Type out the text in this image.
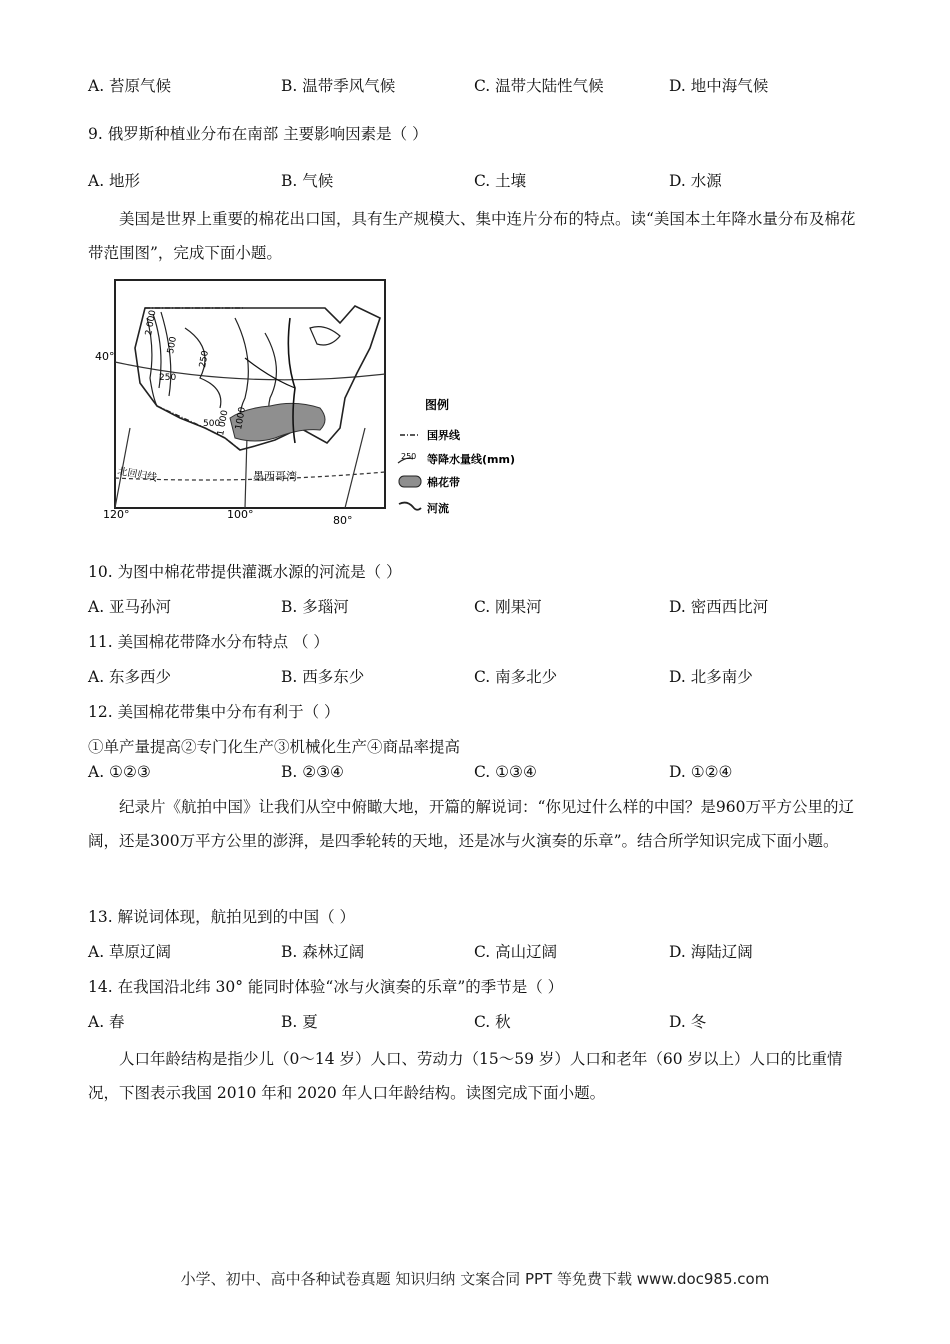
A. 苔原气候	B. 温带季风气候	C. 温带大陆性气候	D. 地中海气候
9. 俄罗斯种植业分布在南部 主要影响因素是（ ）
A. 地形	B. 气候	C. 土壤	D. 水源
美国是世界上重要的棉花出口国，具有生产规模大、集中连片分布的特点。读“美国本土年降水量分布及棉花带范围图”，完成下面小题。
40°
120°	100°	80°
北回归线	墨西哥湾
2 000
1 000
500
250
250
500 1000
图例
国界线
250 等降水量线(mm)
棉花带
河流
10. 为图中棉花带提供灌溉水源的河流是（ ）
A. 亚马孙河	B. 多瑙河	C. 刚果河	D. 密西西比河
11. 美国棉花带降水分布特点 （ ）
A. 东多西少	B. 西多东少	C. 南多北少	D. 北多南少
12. 美国棉花带集中分布有利于（ ）
①单产量提高②专门化生产③机械化生产④商品率提高
A. ①②③	B. ②③④	C. ①③④	D. ①②④
纪录片《航拍中国》让我们从空中俯瞰大地，开篇的解说词：“你见过什么样的中国？是960万平方公里的辽阔，还是300万平方公里的澎湃，是四季轮转的天地，还是冰与火演奏的乐章”。结合所学知识完成下面小题。
13. 解说词体现，航拍见到的中国（ ）
A. 草原辽阔	B. 森林辽阔	C. 高山辽阔	D. 海陆辽阔
14. 在我国沿北纬 30° 能同时体验“冰与火演奏的乐章”的季节是（ ）
A. 春	B. 夏	C. 秋	D. 冬
人口年龄结构是指少儿（0～14 岁）人口、劳动力（15～59 岁）人口和老年（60 岁以上）人口的比重情况，下图表示我国 2010 年和 2020 年人口年龄结构。读图完成下面小题。
小学、初中、高中各种试卷真题 知识归纳 文案合同 PPT 等免费下载 www.doc985.com
